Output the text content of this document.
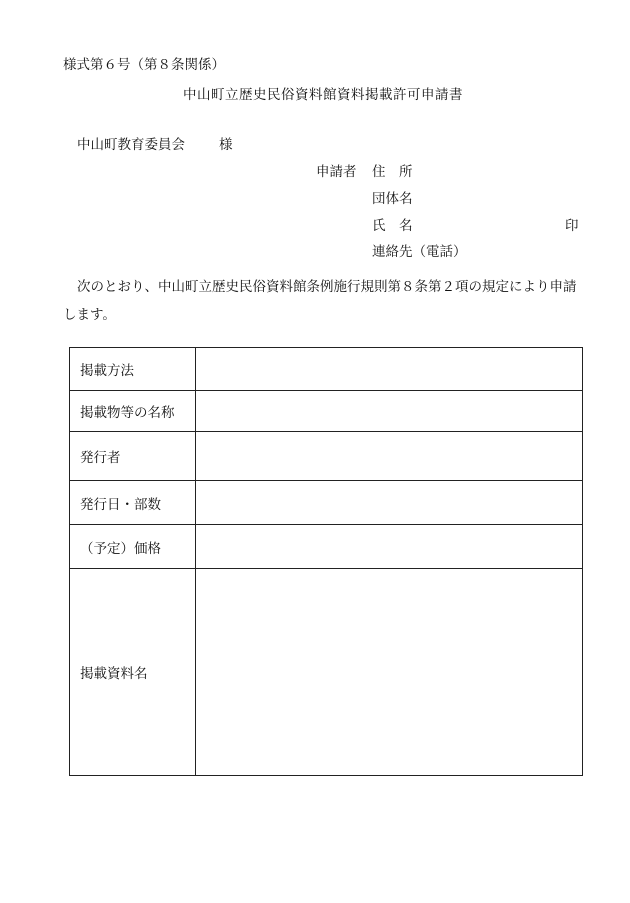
様式第６号（第８条関係）
中山町立歴史民俗資料館資料掲載許可申請書
中山町教育委員会	様
申請者 住　所
団体名
氏　名	印
連絡先（電話）
次のとおり、中山町立歴史民俗資料館条例施行規則第８条第２項の規定により申請します。
掲載方法	
掲載物等の名称	
発行者	
発行日・部数	
（予定）価格	
掲載資料名	
